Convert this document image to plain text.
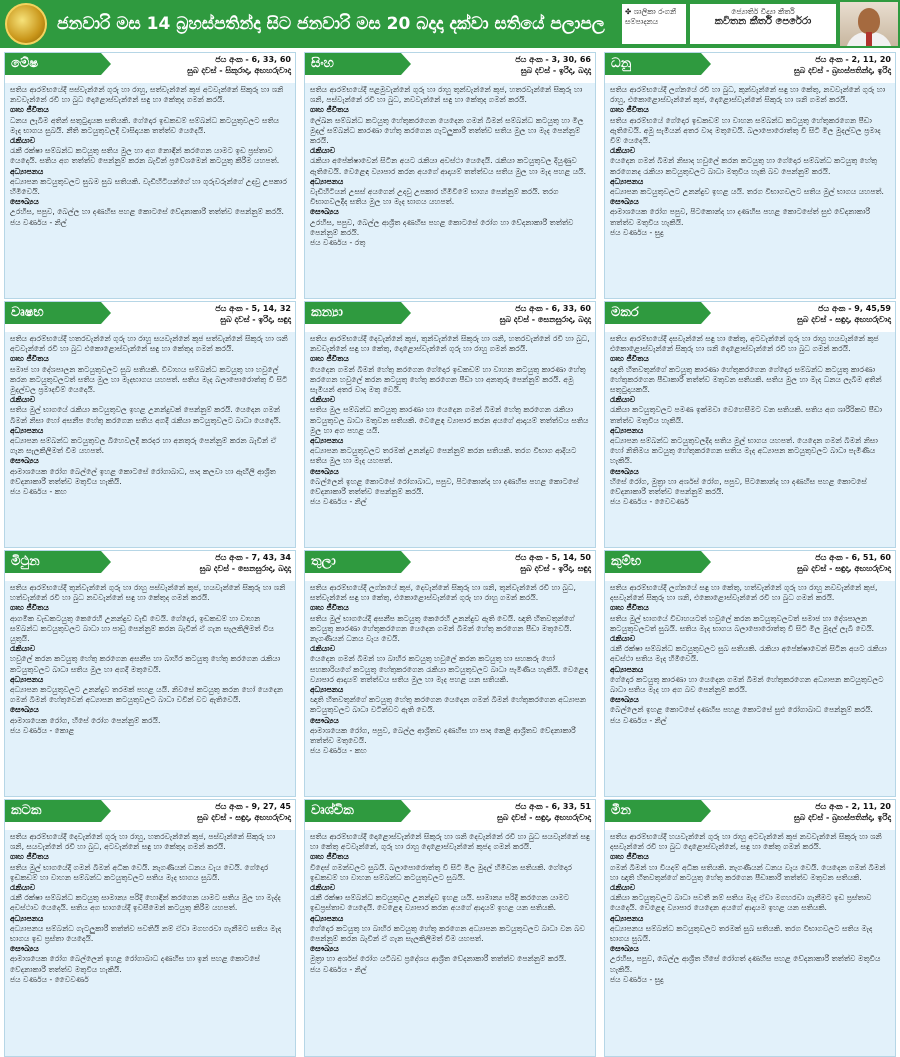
ජනවාරි මස 14 බ්‍රහස්පතින්දා සිට ජනවාරි මස 20 බදාදා දක්වා සතියේ පලාපල
✤ ශාලිකා රංගනී
සම්පාදනය
ජ්‍යොතිර් විද්‍යා කීර්ති
කවිතන කීර්ති පෙරේරා
මේෂ	ජය අංක - 6, 33, 60
සුබ දවස් - සිකුරාදා, අඟහරුවාදා

සතිය ආරම්භයේදී පස්වැන්නේ ගුරු හා රාහු, සත්වැන්නේ කුජ අටවැන්නේ සිකුරු හා ශනි නවවැන්නේ රවි හා බුධ දොළොස්වැන්නේ සඳු හා කේතුද ගමන් කරයි.

ගෘහ ජීවිතය

ධනය ලැබීම අතින් සතුටුදායක සතියකි. ගේදොර ඉඩකඩම් සම්බන්ධ කටයුතුවලට සතිය මැද භාගය සුබයි. නීති කටයුතුවලදී වාසිදායක තත්ත්ව යෙදෙයි.

රැකියාව

රැකී රක්ෂා සම්බන්ධ කටයුතු සතිය මුල හා අග නොඳින් කරගෙන යාමට ඉඩ ප්‍රස්තාව යෙදෙයි. සතිය අග තත්ත්ව පෙන්නුම් කරන බැවින් ප්‍රවේශමෙන් කටයුතු කිරීම යහපත්.

අධ්‍යාපනය

අධ්‍යාපන කටයුතුවලට සුබම සුබ සතියකි. වැඩිහිටියන්ගේ හා ගුරුවරුන්ගේ උදවු උපකාර හිමිවෙයි.

සෞඛ්‍යය

උරහිස, පපුව, බෙල්ල හා දණහිස පහළ කොටසේ වේදනාකාරී තත්ත්ව පෙන්නුම් කරයි.

ජය වර්ණය - නිල්

සිංහ	ජය අංක - 3, 30, 66
සුබ දවස් - ඉරිදා, බදාදා

සතිය ආරම්භයේදී පළමුවැන්නේ ගුරු හා රාහු තුන්වැන්නේ කුජ, හතරවැන්නේ සිකුරු හා ශනි, පස්වැන්නේ රවි හා බුධ, නවවැන්නේ සඳු හා කේතුද ගමන් කරයි.

ගෘහ ජීවිතය

ලේඛන සම්බන්ධ කටයුතු හේතුකරගෙන යෙදෙන ගමන් බිමන් සම්බන්ධ කටයුතු හා මිල මුදල් සම්බන්ධ කාරණා හේතු කරගෙන ගැටලුකාරී තත්ත්ව සතිය මුල හා මැද පෙන්නුම් කරයි.

රැකියාව

රැකියා අපේක්ෂාවෙන් සිටින අයට රැකියා අවස්ථා යෙදෙයි. රැකියා කටයුතුවල දියුණුව ඇතිවෙයි. වෙළෙඳ ව්‍යාපාර කරන අයගේ ආදායම් තත්ත්වය සතිය මුල හා මැද පහළ යයි.

අධ්‍යාපනය

වැඩිහිටියන් උසස් අයගෙන් උදවු උපකාර හිමිවීමේ භාග්‍ය පෙන්නුම් කරයි. තරග විභාගවලදීද සතිය මුල හා මැද භාගය යහපත්.

සෞඛ්‍යය

උරහිස, පපුව, බෙල්ල ආශ්‍රිත දණහිස පහළ කොටසේ රෝග හා වේදනාකාරී තත්ත්ව පෙන්නුම් කරයි.

ජය වර්ණය - රතු

ධනු	ජය අංක - 2, 11, 20
සුබ දවස් - බ්‍රහස්පතින්දා, ඉරිදා

සතිය ආරම්භයේදී ලග්නයේ රවි හා බුධ, කුන්වැන්නේ සඳු හා කේතු, නවවැන්නේ ගුරු හා රාහු, එකොළොස්වැන්නේ කුජ, දොළොස්වැන්නේ සිකුරු හා ශනි ගමන් කරයි.

ගෘහ ජීවිතය

සතිය ආරම්භයේ ගේදොර ඉඩකඩම් හා වාහන සම්බන්ධ කටයුතු හේතුකරගෙන පීඩා ඇතිවෙයි. අමු සැමියන් අතර වාද මතුවෙයි. බලාපොරොත්තු වී සිටි මිල මුදල්වල ප්‍රමාද වීම් යෙදෙයි.

රැකියාව

යෙදෙන ගමන් බිමන් නිසාද හවුලේ කරන කටයුතු හා ගේදොර සම්බන්ධ කටයුතු හේතු කරගෙනද රැකියා කටයුතුවලට බාධා මතුවිය හැකි බව පෙන්නුම් කරයි.

අධ්‍යාපනය

අධ්‍යාපන කටයුතුවලට උනන්දුව ඉහළ යයි. තරග විභාගවලට සතිය මුල් භාගය යහපත්.

සෞඛ්‍යය

ආමාශයෙක රෝග පපුව, පිටකොන්ද හා දණහිස පහළ කොටසේත් සුළු වේදනාකාරී තත්ත්ව මතුවිය හැකියි.

ජය වර්ණය - සුදු

වෘෂභ	ජය අංක - 5, 14, 32
සුබ දවස් - ඉරිදා, සඳුදා

සතිය ආරම්භයේදී හතරවැන්නේ ගුරු හා රාහු සයවැන්නේ කුජ සත්වැන්නේ සිකුරු හා ශනි අටවැන්නේ රවි හා බුධ එකොළොස්වැන්නේ සඳු හා කේතුද ගමන් කරයි.

ගෘහ ජීවිතය

සමාජ හා දේශපාලන කටයුතුවලට සුබ සතියකි. විවාහය සම්බන්ධ කටයුතු හා හවුලේ කරන කටයුතුවලටත් සතිය මුල හා මැදභාගය යහපත්. සතිය මැද බලාපොරොත්තු වී සිටි මුදල්වල ප්‍රමාදවීම් යෙදෙයි.

රැකියාව

සතිය මුල් භාගයේ රැකියා කටයුතුවල ඉහළ උනන්දුවක් පෙන්නුම් කරයි. යෙදෙන ගමන් බිමන් නිසා හෝ අසනීප හේතු කරගෙන සතිය අගදී රැකියා කටයුතුවලට බාධා යෙදෙයි.

අධ්‍යාපනය

අධ්‍යාපන සම්බන්ධ කටයුතුවල බිහෙවලදී කරදර හා අනතුරු පෙන්නුම් කරන බැවින් ඒ ගැන සැලකිලිමත් වීම යහපත්.

සෞඛ්‍යය

ආමාශයෙක රෝග බෙල්ලේ ඉහළ කොටසේ රෝගාබාධ, පාද කලවා හා ඇඟිලි ආශ්‍රිත වේදනාකාරී තත්ත්ව මතුවිය හැකියි.

ජය වර්ණය - කහ

කන්‍යා	ජය අංක - 6, 33, 60
සුබ දවස් - සෙනසුරාදා, බදාදා

සතිය ආරම්භයේදී දෙවැන්නේ කුජ, තුන්වැන්නේ සිකුරු හා ශනි, හතරවැන්නේ රවි හා බුධ, නවවැන්නේ සඳු හා කේතු, දොළොස්වැන්නේ ගුරු හා රාහු ගමන් කරයි.

ගෘහ ජීවිතය

යෙදෙන ගමන් බිමන් හේතු කරගෙන ගේදොර ඉඩකඩම් හා වාහන කටයුතු කාරණා හේතු කරගෙන හවුලේ කරන කටයුතු හේතු කරගෙන පීඩා හා අනතුරු පෙන්නුම් කරයි. අමු සැමියන් අතර වාද මතු වෙයි.

රැකියාව

සතිය මුල සම්බන්ධ කටයුතු කාරණා හා යෙදෙන ගමන් බිමන් හේතු කරගෙන රැකියා කටයුතුවල බාධා මතුවන සතියකි. වෙළෙඳ ව්‍යාපාර කරන අයගේ ආදායම් තත්ත්වය සතිය මුල හා අග පහළ යයි.

අධ්‍යාපනය

අධ්‍යාපන කටයුතුවලට තරමක් උනන්දුව පෙන්නුම් කරන සතියකි. තරග විභාග ආදියට සතිය මුල හා මැද යහපත්.

සෞඛ්‍යය

බෙල්ලෙන් ඉහළ කොටසේ රෝගාබාධ, පපුව, පිටකොන්ද හා දණහිස පහළ කොටසේ වේදනාකාරී තත්ත්ව පෙන්නුම් කරයි.

ජය වර්ණය - නිල්

මකර	ජය අංක - 9, 45,59
සුබ දවස් - සඳුදා, අඟහරුවාදා

සතිය ආරම්භයේදී දසවැන්නේ සඳු හා කේතු, අටවැන්නේ ගුරු හා රාහු හයවැන්නේ කුජ එකොළොස්වැන්නේ සිකුරු හා ශනි දොළොස්වැන්නේ රවි හා බුධ ගමන් කරයි.

ගෘහ ජීවිතය

ඥාති හිතවතුන්ගේ කටයුතු කාරණා හේතුකරගෙන ගේදොර සම්බන්ධ කටයුතු කාරණා හේතුකරගෙන පීඩාකාරී තත්ත්ව මතුවන සතියකි. සතිය මුල හා මැද ධනය ලැබීම අතින් සතුටුදායකයි.

රැකියාව

රැකියා කටයුතුවලට පමණ ඉක්මවා වෙහෙසීමට වන සතියකි. සතිය අග ශාරීරිකව පීඩා තත්ත්ව මතුවිය හැකියි.

අධ්‍යාපනය

අධ්‍යාපන සම්බන්ධ කටයුතුවලදිද සතිය මුල් භාගය යහපත්. යෙදෙන ගමන් බිමන් නිසා හෝ නිතිමය කටයුතු හේතුකරගෙන සතිය මැද අධ්‍යාපන කටයුතුවලට බාධා පැමිණිය හැකියි.

සෞඛ්‍යය

හිසේ රෝග, මුත්‍රා හා අර්ශස් රෝග, පපුව, පිටකොන්ද හා දණහිස පහළ කොටසේ වේදනාකාරී තත්ත්ව පෙන්නුම් කරයි.

ජය වර්ණය - වෛවර්ණ

මිථුන	ජය අංක - 7, 43, 34
සුබ දවස් - සෙනසුරාදා, බදාදා

සතිය ආරම්භයේදී තුන්වැන්නේ ගුරු හා රාහු පස්වැන්නේ කුජ, හයවැන්නේ සිකුරු හා ශනි හත්වැන්නේ රවි හා බුධ නවවැන්නේ සඳු හා කේතුද ගමන් කරයි.

ගෘහ ජීවිතය

ආගමික වැඩකටයුතු කෙරෙහි උනන්දුව වැඩි වෙයි. ගේදොර, ඉඩකඩම් හා වාහන සම්බන්ධ කටයුතුවලට බාධා හා පාඩු පෙන්නුම් කරන බැවින් ඒ ගැන සැලකිලිමත් විය යුතුයි.

රැකියාව

හවුලේ කරන කටයුතු හේතු කරගෙන අසනීප හා බාහිර කටයුතු හේතු කරගෙන රැකියා කටයුතුවලට බාධා සතිය මුල හා අගදී මතුවෙයි.

අධ්‍යාපනය

අධ්‍යාපන කටයුතුවලට උනන්දුව තරමක් පහළ යයි. නිවසේ කටයුතු කරන හෝ යෙදෙන ගමන් බිමන් හේතුවෙන් අධ්‍යාපන කටයුතුවලට බාධා වවින් වට ඇතිවෙයි.

සෞඛ්‍යය

ආමාශයෙක රෝග, හිසේ රෝග පෙන්නුම් කරයි.

ජය වර්ණය - කොළ

තුලා	ජය අංක - 5, 14, 50
සුබ දවස් - ඉරිදා, සඳුදා

සතිය ආරම්භයේදී ලග්නයේ කුජ, දෙවැන්නේ සිකුරු හා ශනි, තුන්වැන්නේ රවි හා බුධ, සත්වැන්නේ සඳු හා කේතු, එකොළොස්වැන්නේ ගුරු හා රාහු ගමන් කරයි.

ගෘහ ජීවිතය

සතිය මුල් භාගයේදී අසනීප කටයුතු කෙරෙහි උනන්දුව ඇති වෙයි. ඥාති හිතවතුන්ගේ කටයුතු කාරණා හේතුකරගෙන යෙදෙන ගමන් බිමන් හේතු කරගෙන පීඩා මතුවෙයි. නැගණියන් ධනය වැය වෙයි.

රැකියාව

යෙදෙන ගමන් බිමන් හා බාහිර කටයුතු හවුලේ කරන කටයුතු හා සහකරු හෝ සහකාරියගේ කටයුතු හේතුකරගෙන රැකියා කටයුතුවලට බාධා පැමිණිය හැකියි. වෙළෙඳ ව්‍යාපාර ආදායම් තත්ත්වය සතිය මුල හා මැද පහළ යන සතියකි.

අධ්‍යාපනය

ඥාති හිතවතුන්ගේ කටයුතු හේතු කරගෙන යෙදෙන ගමන් බිමන් හේතුකරගෙන අධ්‍යාපන කටයුතුවලට බාධා වටින්වට ඇති වෙයි.

සෞඛ්‍යය

ආමාශයෙක රෝග, පපුව, බෙල්ල ආශ්‍රිතව දණහිස හා පාද කෙළි ආශ්‍රිතව වේදනාකාරී තත්ත්ව මතුවෙයි.

ජය වර්ණය - කහ

කුම්භ	ජය අංක - 6, 51, 60
සුබ දවස් - සඳුදා, අඟහරුවාදා

සතිය ආරම්භයේදී ලග්නයේ සඳු හා කේතු, හත්වැන්නේ ගුරු හා රාහු නවවැන්නේ කුජ, දසවැන්නේ සිකුරු හා ශනි, එකොළොස්වැන්නේ රවි හා බුධ ගමන් කරයි.

ගෘහ ජීවිතය

සතිය මුල් භාගයේ විවාහයටත් හවුලේ කරන කටයුතුවලටත් සමාජ හා දේශපාලන කටයුතුවලටත් සුබයි. සතිය මැද භාගය බලාපොරොත්තු වී සිටි මිල මුදල් ලැබී වෙයි.

රැකියාව

රැකී රක්ෂා සම්බන්ධ කටයුතුවලට සුබ සතියකි. රැකියා අපේක්ෂාවෙන් සිටින අයට රැකියා අවස්ථා සතිය මැද හිමිවෙයි.

අධ්‍යාපනය

ගේදොර කටයුතු කාරණා හා යෙදෙන ගමන් බිමන් හේතුකරගෙන අධ්‍යාපන කටයුතුවලට බාධා සතිය මැද හා අග බව පෙන්නුම් කරයි.

සෞඛ්‍යය

බෙල්ලෙන් ඉහළ කොටසේ දණහිස පහළ කොටසේ සුළු රෝගාබාධ පෙන්නුම් කරයි.

ජය වර්ණය - නිල්

කටක	ජය අංක - 9, 27, 45
සුබ දවස් - සඳුදා, අඟහරුවාදා

සතිය ආරම්භයේදී දෙවැන්නේ ගුරු හා රාහු, හතරවැන්නේ කුජ, පස්වැන්නේ සිකුරු හා ශනි, සයවැන්නේ රවි හා බුධ, අටවැන්නේ සඳු හා කේතුද ගමන් කරයි.

ගෘහ ජීවිතය

සතිය මුල් භාගයේදී ගමන් බිමන් අධික වෙයි. නැගණියන් ධනය වැය වෙයි. ගේදොර ඉඩකඩම් හා වාහන සම්බන්ධ කටයුතුවලට සතිය මැද භාගය සුබයි.

රැකියාව

රැකී රක්ෂා සම්බන්ධ කටයුතු සාමාන්‍ය පරිදි හොඳින් කරගෙන යාමට සතිය මුල හා මැද්ද අවස්ථාව යෙදෙයි. සතිය අග භාගයේදී ඉවසීමෙන් කටයුතු කිරීම යහපත්.

අධ්‍යාපනය

අධ්‍යාපනය සම්බන්ධ ගැටලුකාරී තත්ත්ව පවතියි නම් ඒවා මගහරවා ගැනීමට සතිය මැද භාගය ඉඩ ප්‍රස්තා යෙදෙයි.

සෞඛ්‍යය

ආමාශයෙක රෝග බෙල්ලෙන් ඉහළ රෝගාබාධ දණහිස හා ඉන් පහළ කොටසේ වේදනාකාරී තත්ත්ව මතුවිය හැකියි.

ජය වර්ණය - වෛවර්ණ

වෘශ්චික	ජය අංක - 6, 33, 51
සුබ දවස් - සඳුදා, අඟහරුවාදා

සතිය ආරම්භයේදී දොළොස්වැන්නේ සිකුරු හා ශනි දෙවැන්නේ රවි හා බුධ සයවැන්නේ සඳු හා කේතු අටවැන්නේ, ගුරු හා රාහු දොළොස්වැන්නේ කුජද ගමන් කරයි.

ගෘහ ජීවිතය

විදෙස් ගමන්වලට සුබයි. බලාපොරොත්තු වී සිටි මිල මුදල් හිමිවන සතියකි. ගේදොර ඉඩකඩම් හා වාහන සම්බන්ධ කටයුතුවලට සුබයි.

රැකියාව

රැකී රක්ෂා සම්බන්ධ කටයුතුවල උනන්දුව ඉහළ යයි. සාමාන්‍ය පරිදි කරගෙන යාමට ඉඩප්‍රස්තාව යෙදෙයි. වෙළෙඳ ව්‍යාපාර කරන අයගේ ආදායම් ඉහළ යන සතියකි.

අධ්‍යාපනය

ගේදොර කටයුතු හා බාහිර කටයුතු හේතු කරගෙන අධ්‍යාපන කටයුතුවලට බාධා වන බව පෙන්නුම් කරන බැවින් ඒ ගැන සැලකිලිමත් වීම යහපත්.

සෞඛ්‍යය

මුත්‍රා හා අර්ශස් රෝග යටිබඩ ප්‍රදේශය ආශ්‍රිත වේදනාකාරී තත්ත්ව පෙන්නුම් කරයි.

ජය වර්ණය - නිල්

මීන	ජය අංක - 2, 11, 20
සුබ දවස් - බ්‍රහස්පතින්දා, ඉරිදා

සතිය ආරම්භයේදී හයවැන්නේ ගුරු හා රාහු අටවැන්නේ කුජ නවවැන්නේ සිකුරු හා ශනි දසවැන්නේ රවි හා බුධ දොළොස්වැන්නේ, සඳු හා කේතු ගමන් කරයි.

ගෘහ ජීවිතය

ගමන් බිමන් හා වියදම් අධික සතියකි. නැගණියන් ධනය වැය වෙයි. යෙදෙන ගමන් බිමන් හා ඥාති හිතවතුන්ගේ කටයුතු හේතු කරගෙන පීඩාකාරී තත්ත්ව මතුවන සතියකි.

රැකියාව

රැකියා කටයුතුවලට බාධා පවතී නම් සතිය මැද ඒවා මගහරවා ගැනීමට ඉඩ ප්‍රස්තාව යෙදෙයි. වෙළෙඳ ව්‍යාපාර යෙදෙන අයගේ ආදායම ඉහළ යන සතියකි.

අධ්‍යාපනය

අධ්‍යාපනය සම්බන්ධ කටයුතුවලට තරමක් සුබ සතියකි. තරග විභාගවලට සතිය මැද භාගය සුබයි.

සෞඛ්‍යය

උරහිස, පපුව, බෙල්ල ආශ්‍රිත හිසේ රෝගත් දණහිස පහළ වේදනාකාරී තත්ත්ව මතුවිය හැකියි.

ජය වර්ණය - සුදු
